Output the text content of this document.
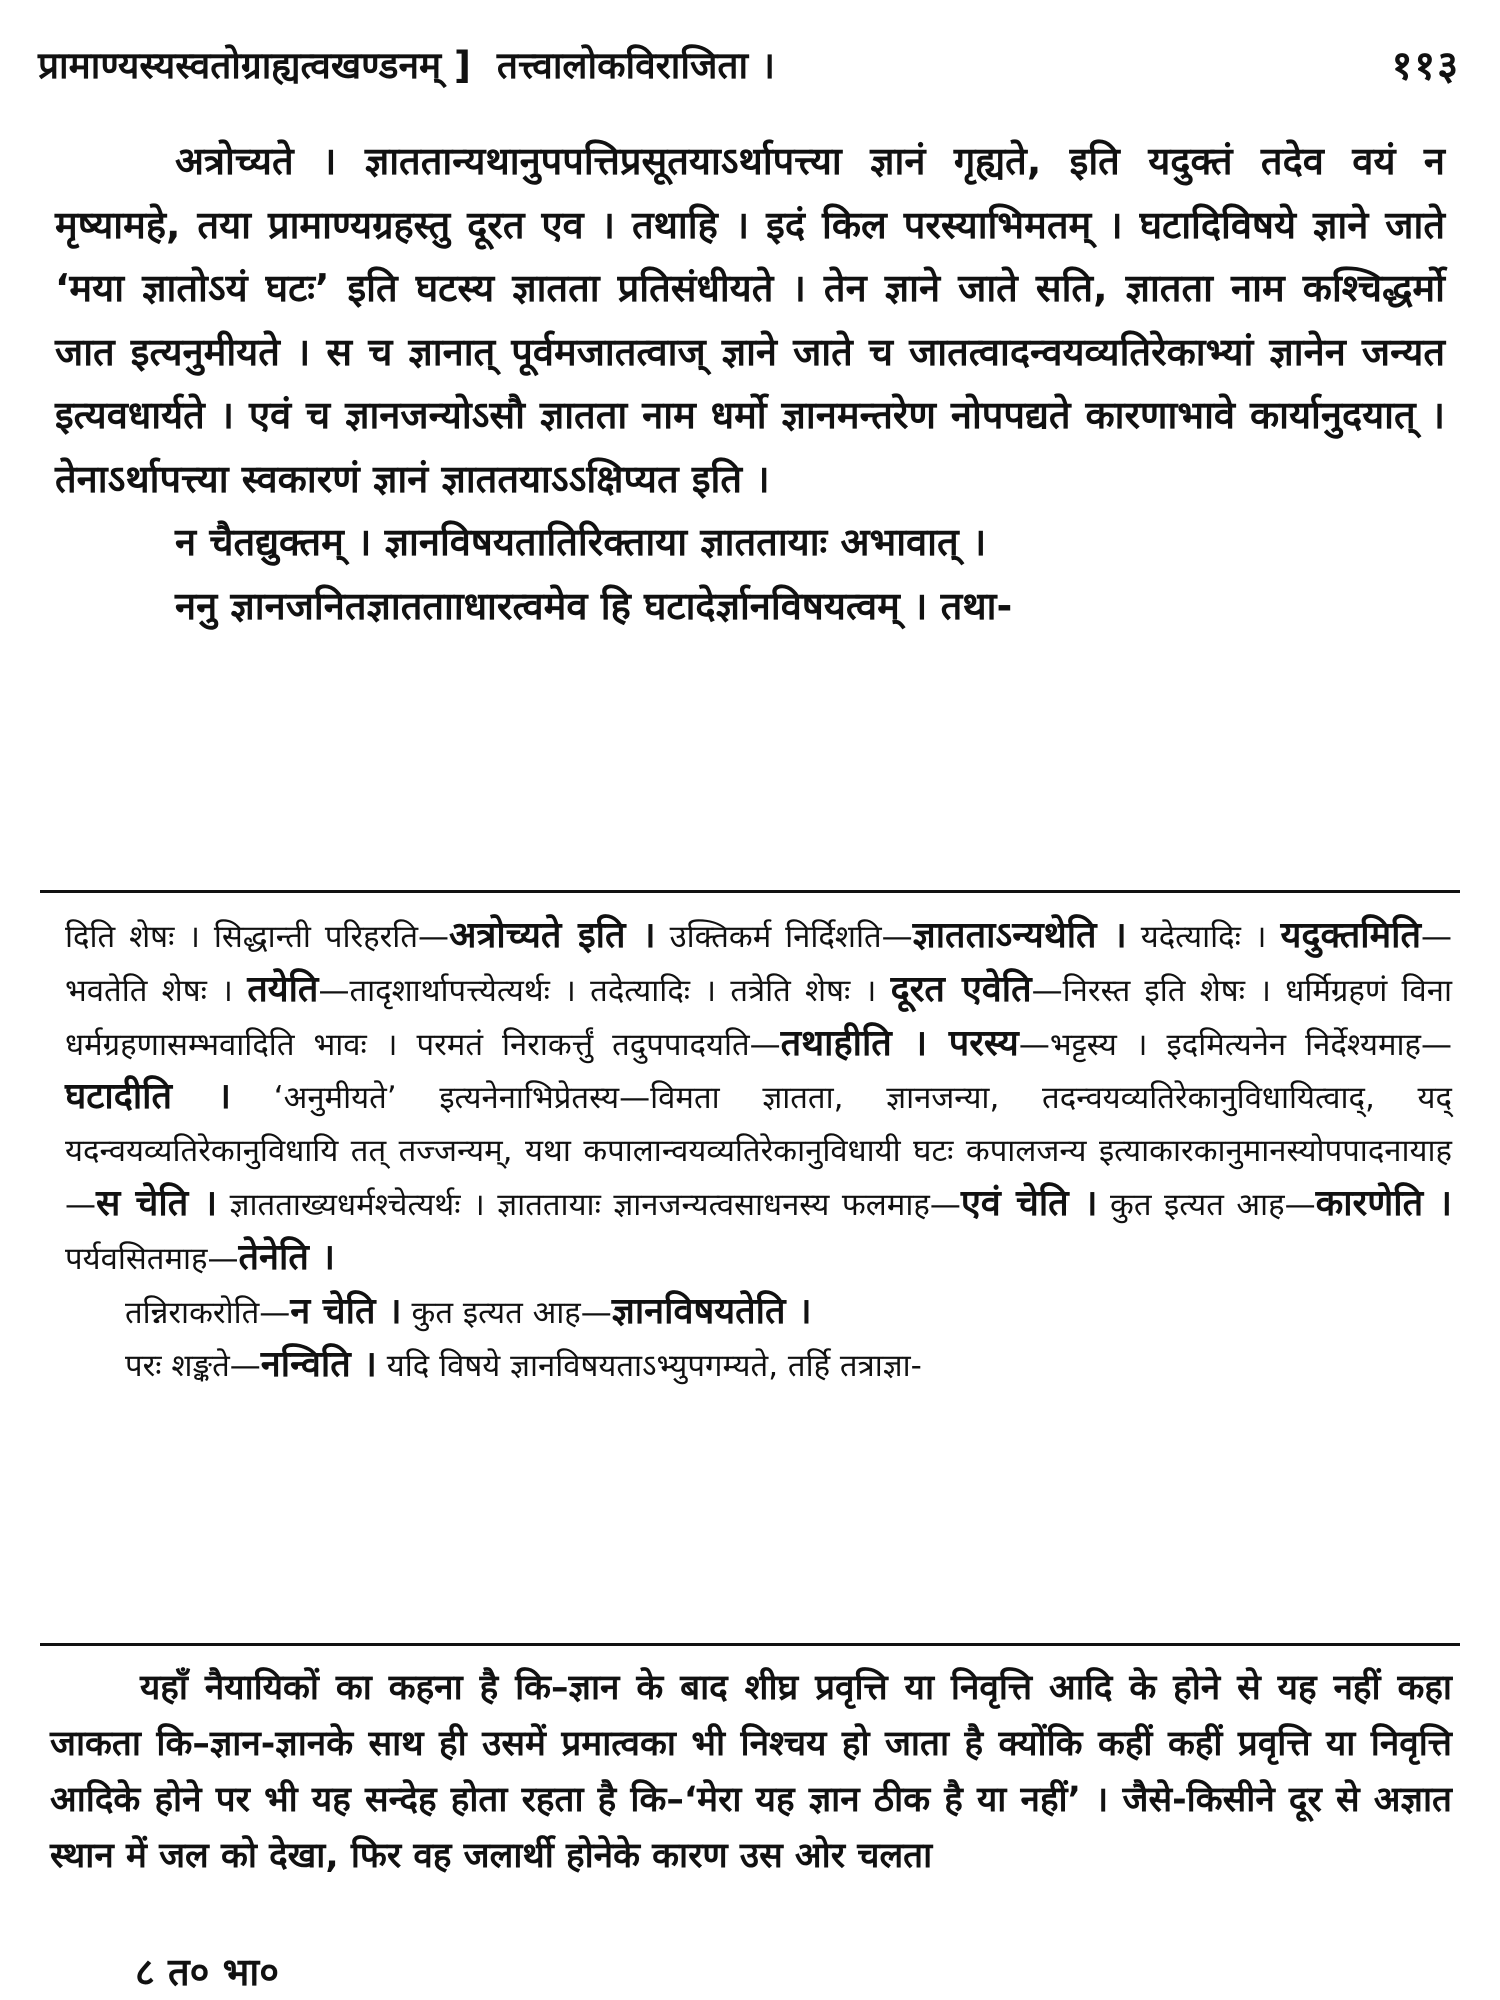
प्रामाण्यस्यस्वतोग्राह्यत्वखण्डनम् ] तत्त्वालोकविराजिता ।	११३

अत्रोच्यते । ज्ञाततान्यथानुपपत्तिप्रसूतयाऽर्थापत्त्या ज्ञानं गृह्यते, इति यदुक्तं तदेव वयं न मृष्यामहे, तया प्रामाण्यग्रहस्तु दूरत एव । तथाहि । इदं किल परस्याभिमतम् । घटादिविषये ज्ञाने जाते ‘मया ज्ञातोऽयं घटः’ इति घटस्य ज्ञातता प्रतिसंधीयते । तेन ज्ञाने जाते सति, ज्ञातता नाम कश्चिद्धर्मो जात इत्यनुमीयते । स च ज्ञानात् पूर्वमजातत्वाज् ज्ञाने जाते च जातत्वादन्वयव्यतिरेकाभ्यां ज्ञानेन जन्यत इत्यवधार्यते । एवं च ज्ञानजन्योऽसौ ज्ञातता नाम धर्मो ज्ञानमन्तरेण नोपपद्यते कारणाभावे कार्यानुदयात् । तेनाऽर्थापत्त्या स्वकारणं ज्ञानं ज्ञाततयाऽऽक्षिप्यत इति ।

न चैतद्युक्तम् । ज्ञानविषयतातिरिक्ताया ज्ञाततायाः अभावात् ।

ननु ज्ञानजनितज्ञाततााधारत्वमेव हि घटादेर्ज्ञानविषयत्वम् । तथा-

दिति शेषः । सिद्धान्ती परिहरति—अत्रोच्यते इति । उक्तिकर्म निर्दिशति—ज्ञातताऽन्यथेति । यदेत्यादिः । यदुक्तमिति—भवतेति शेषः । तयेति—तादृशार्थापत्त्येत्यर्थः । तदेत्यादिः । तत्रेति शेषः । दूरत एवेति—निरस्त इति शेषः । धर्मिग्रहणं विना धर्मग्रहणासम्भवादिति भावः । परमतं निराकर्त्तुं तदुपपादयति—तथाहीति । परस्य—भट्टस्य । इदमित्यनेन निर्देश्यमाह—घटादीति । ‘अनुमीयते’ इत्यनेनाभिप्रेतस्य—विमता ज्ञातता, ज्ञानजन्या, तदन्वयव्यतिरेकानुविधायित्वाद्, यद् यदन्वयव्यतिरेकानुविधायि तत् तज्जन्यम्, यथा कपालान्वयव्यतिरेकानुविधायी घटः कपालजन्य इत्याकारकानुमानस्योपपादनायाह—स चेति । ज्ञातताख्यधर्मश्चेत्यर्थः । ज्ञाततायाः ज्ञानजन्यत्वसाधनस्य फलमाह—एवं चेति । कुत इत्यत आह—कारणेति । पर्यवसितमाह—तेनेति ।

तन्निराकरोति—न चेति । कुत इत्यत आह—ज्ञानविषयतेति ।

परः शङ्कते—नन्विति । यदि विषये ज्ञानविषयताऽभ्युपगम्यते, तर्हि तत्राज्ञा-

यहाँ नैयायिकों का कहना है कि–ज्ञान के बाद शीघ्र प्रवृत्ति या निवृत्ति आदि के होने से यह नहीं कहा जाकता कि–ज्ञान-ज्ञानके साथ ही उसमें प्रमात्वका भी निश्चय हो जाता है क्योंकि कहीं कहीं प्रवृत्ति या निवृत्ति आदिके होने पर भी यह सन्देह होता रहता है कि–‘मेरा यह ज्ञान ठीक है या नहीं’ । जैसे-किसीने दूर से अज्ञात स्थान में जल को देखा, फिर वह जलार्थी होनेके कारण उस ओर चलता

८ त० भा०
